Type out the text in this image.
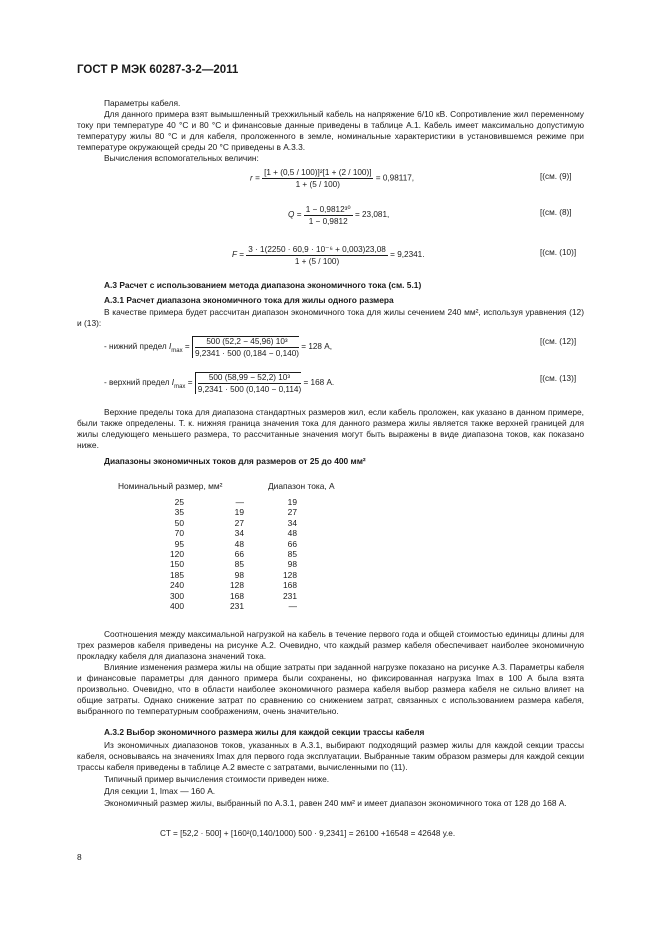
ГОСТ Р МЭК 60287-3-2—2011
Параметры кабеля.
Для данного примера взят вымышленный трехжильный кабель на напряжение 6/10 кВ. Сопротивление жил переменному току при температуре 40 °С и 80 °С и финансовые данные приведены в таблице А.1. Кабель имеет максимально допустимую температуру жилы 80 °С и для кабеля, проложенного в земле, номинальные характеристики в установившемся режиме при температуре окружающей среды 20 °С приведены в А.3.3.
Вычисления вспомогательных величин:
$r = \frac{\text{[1 + (0,5 / 100)]²[1 + (2 / 100)]}}{1 + (5 / 100)} = 0,98117$,	[(см. (9)]
$Q = \frac{\text{1 − 0,9812³⁰}}{1 - 0,9812} = 23,081$,	[(см. (8)]
$F = \frac{\text{3 · 1(2250 · 60,9 · 10⁻⁶ + 0,003)23,08}}{1 + (5 / 100)} = 9,2341$.	[(см. (10)]
А.3 Расчет с использованием метода диапазона экономичного тока (см. 5.1)
А.3.1 Расчет диапазона экономичного тока для жилы одного размера
В качестве примера будет рассчитан диапазон экономичного тока для жилы сечением 240 мм², используя уравнения (12) и (13):
- нижний предел $I_{max} = \frac{\text{500 (52,2 − 45,96) 10³}}{9,2341 \cdot 500 (0,184 - 0,140)} = 128$ А,
[(см. (12)]
- верхний предел $I_{max} = \frac{\text{500 (58,99 − 52,2) 10³}}{9,2341 \cdot 500 (0,140 - 0,114)} = 168$ А.	[(см. (13)]
Верхние пределы тока для диапазона стандартных размеров жил, если кабель проложен, как указано в данном примере, были также определены. Т. к. нижняя граница значения тока для данного размера жилы является также верхней границей для жилы следующего меньшего размера, то рассчитанные значения могут быть выражены в виде диапазона токов, как показано ниже.
Диапазоны экономичных токов для размеров от 25 до 400 мм²
Номинальный размер, мм²	Диапазон тока, А
25	—	19
35	19	27
50	27	34
70	34	48
95	48	66
120	66	85
150	85	98
185	98	128
240	128	168
300	168	231
400	231	—
Соотношения между максимальной нагрузкой на кабель в течение первого года и общей стоимостью единицы длины для трех размеров кабеля приведены на рисунке А.2. Очевидно, что каждый размер кабеля обеспечивает наиболее экономичную прокладку кабеля для диапазона значений тока.
Влияние изменения размера жилы на общие затраты при заданной нагрузке показано на рисунке А.3. Параметры кабеля и финансовые параметры для данного примера были сохранены, но фиксированная нагрузка Imax в 100 А была взята произвольно. Очевидно, что в области наиболее экономичного размера кабеля выбор размера кабеля не сильно влияет на общие затраты. Однако снижение затрат по сравнению со снижением затрат, связанных с использованием размера кабеля, выбранного по температурным соображениям, очень значительно.
А.3.2 Выбор экономичного размера жилы для каждой секции трассы кабеля
Из экономичных диапазонов токов, указанных в А.3.1, выбирают подходящий размер жилы для каждой секции трассы кабеля, основываясь на значениях Imax для первого года эксплуатации. Выбранные таким образом размеры для каждой секции трассы кабеля приведены в таблице А.2 вместе с затратами, вычисленными по (11).
Типичный пример вычисления стоимости приведен ниже.
Для секции 1, Imax — 160 А.
Экономичный размер жилы, выбранный по А.3.1, равен 240 мм² и имеет диапазон экономичного тока от 128 до 168 А.
CT = [52,2 · 500] + [160²(0,140/1000) 500 · 9,2341] = 26100 +16548 = 42648 у.е.
8
